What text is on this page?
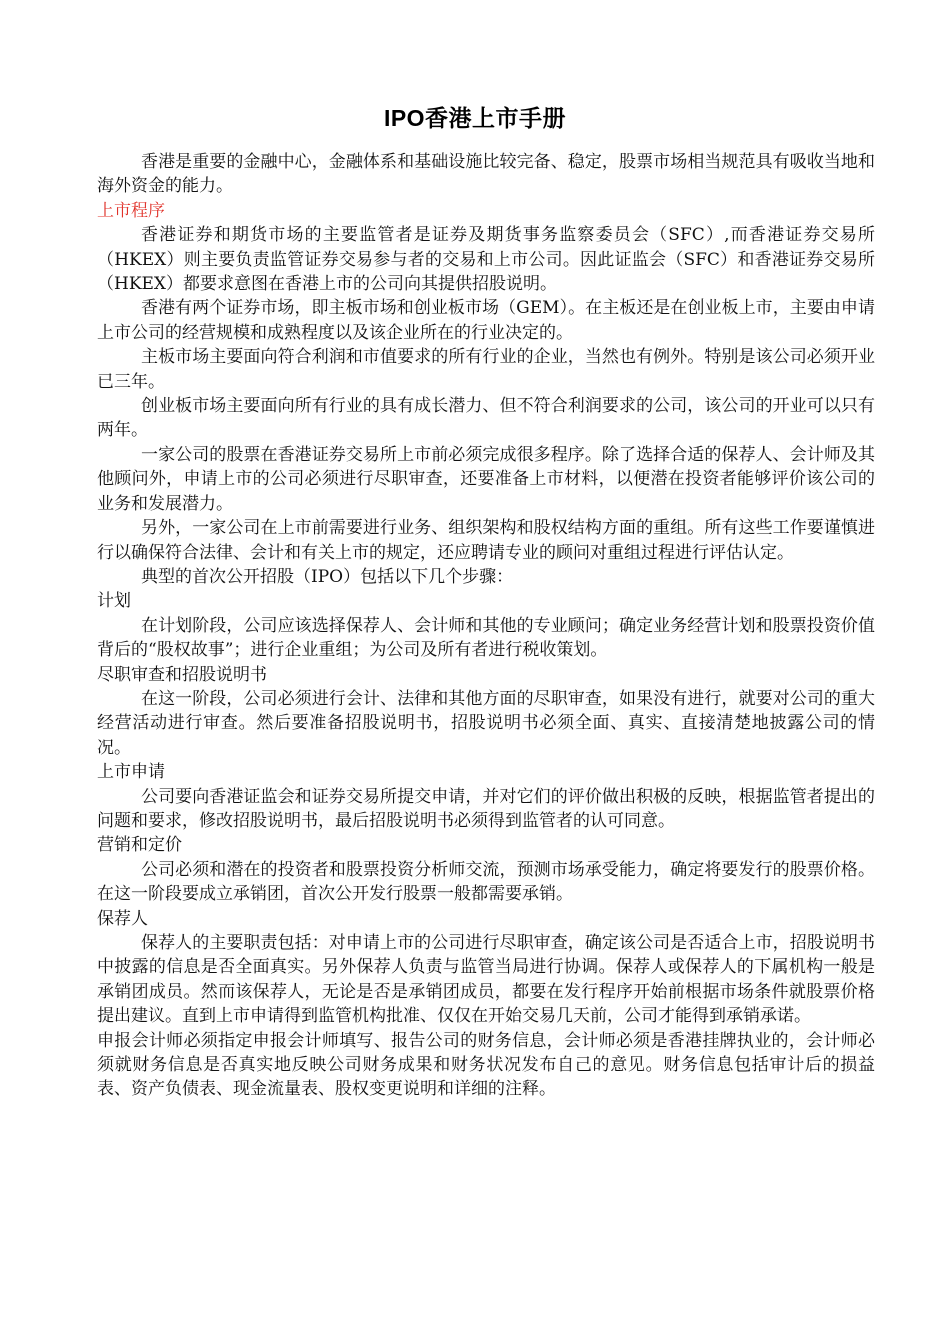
IPO香港上市手册

香港是重要的金融中心，金融体系和基础设施比较完备、稳定，股票市场相当规范具有吸收当地和海外资金的能力。

上市程序

香港证券和期货市场的主要监管者是证券及期货事务监察委员会（SFC）,而香港证券交易所（HKEX）则主要负责监管证券交易参与者的交易和上市公司。因此证监会（SFC）和香港证券交易所（HKEX）都要求意图在香港上市的公司向其提供招股说明。

香港有两个证券市场，即主板市场和创业板市场（GEM）。在主板还是在创业板上市，主要由申请上市公司的经营规模和成熟程度以及该企业所在的行业决定的。

主板市场主要面向符合利润和市值要求的所有行业的企业，当然也有例外。特别是该公司必须开业已三年。

创业板市场主要面向所有行业的具有成长潜力、但不符合利润要求的公司，该公司的开业可以只有两年。

一家公司的股票在香港证券交易所上市前必须完成很多程序。除了选择合适的保荐人、会计师及其他顾问外，申请上市的公司必须进行尽职审查，还要准备上市材料，以便潜在投资者能够评价该公司的业务和发展潜力。

另外，一家公司在上市前需要进行业务、组织架构和股权结构方面的重组。所有这些工作要谨慎进行以确保符合法律、会计和有关上市的规定，还应聘请专业的顾问对重组过程进行评估认定。

典型的首次公开招股（IPO）包括以下几个步骤：

计划

在计划阶段，公司应该选择保荐人、会计师和其他的专业顾问；确定业务经营计划和股票投资价值背后的“股权故事”；进行企业重组；为公司及所有者进行税收策划。

尽职审查和招股说明书

在这一阶段，公司必须进行会计、法律和其他方面的尽职审查，如果没有进行，就要对公司的重大经营活动进行审查。然后要准备招股说明书，招股说明书必须全面、真实、直接清楚地披露公司的情况。

上市申请

公司要向香港证监会和证券交易所提交申请，并对它们的评价做出积极的反映，根据监管者提出的问题和要求，修改招股说明书，最后招股说明书必须得到监管者的认可同意。

营销和定价

公司必须和潜在的投资者和股票投资分析师交流，预测市场承受能力，确定将要发行的股票价格。在这一阶段要成立承销团，首次公开发行股票一般都需要承销。

保荐人

保荐人的主要职责包括：对申请上市的公司进行尽职审查，确定该公司是否适合上市，招股说明书中披露的信息是否全面真实。另外保荐人负责与监管当局进行协调。保荐人或保荐人的下属机构一般是承销团成员。然而该保荐人，无论是否是承销团成员，都要在发行程序开始前根据市场条件就股票价格提出建议。直到上市申请得到监管机构批准、仅仅在开始交易几天前，公司才能得到承销承诺。

申报会计师必须指定申报会计师填写、报告公司的财务信息，会计师必须是香港挂牌执业的，会计师必须就财务信息是否真实地反映公司财务成果和财务状况发布自己的意见。财务信息包括审计后的损益表、资产负债表、现金流量表、股权变更说明和详细的注释。
